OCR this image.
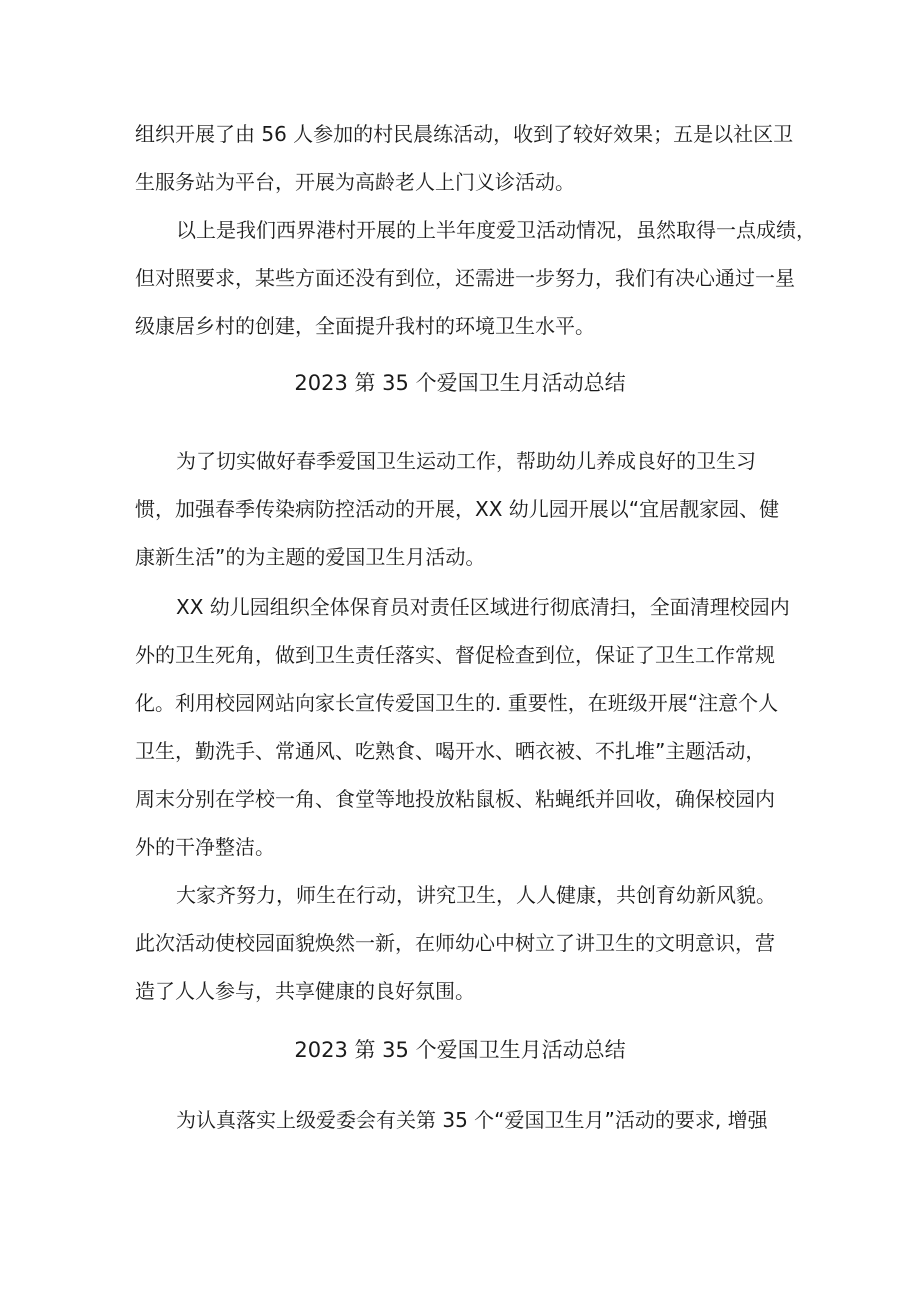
组织开展了由 56 人参加的村民晨练活动，收到了较好效果；五是以社区卫
生服务站为平台，开展为高龄老人上门义诊活动。
以上是我们西界港村开展的上半年度爱卫活动情况，虽然取得一点成绩，
但对照要求，某些方面还没有到位，还需进一步努力，我们有决心通过一星
级康居乡村的创建，全面提升我村的环境卫生水平。
2023 第 35 个爱国卫生月活动总结
为了切实做好春季爱国卫生运动工作，帮助幼儿养成良好的卫生习
惯，加强春季传染病防控活动的开展，XX 幼儿园开展以“宜居靓家园、健
康新生活”的为主题的爱国卫生月活动。
XX 幼儿园组织全体保育员对责任区域进行彻底清扫，全面清理校园内
外的卫生死角，做到卫生责任落实、督促检查到位，保证了卫生工作常规
化。利用校园网站向家长宣传爱国卫生的. 重要性，在班级开展“注意个人
卫生，勤洗手、常通风、吃熟食、喝开水、晒衣被、不扎堆”主题活动，
周末分别在学校一角、食堂等地投放粘鼠板、粘蝇纸并回收，确保校园内
外的干净整洁。
大家齐努力，师生在行动，讲究卫生，人人健康，共创育幼新风貌。
此次活动使校园面貌焕然一新，在师幼心中树立了讲卫生的文明意识，营
造了人人参与，共享健康的良好氛围。
2023 第 35 个爱国卫生月活动总结
为认真落实上级爱委会有关第 35 个“爱国卫生月”活动的要求, 增强
